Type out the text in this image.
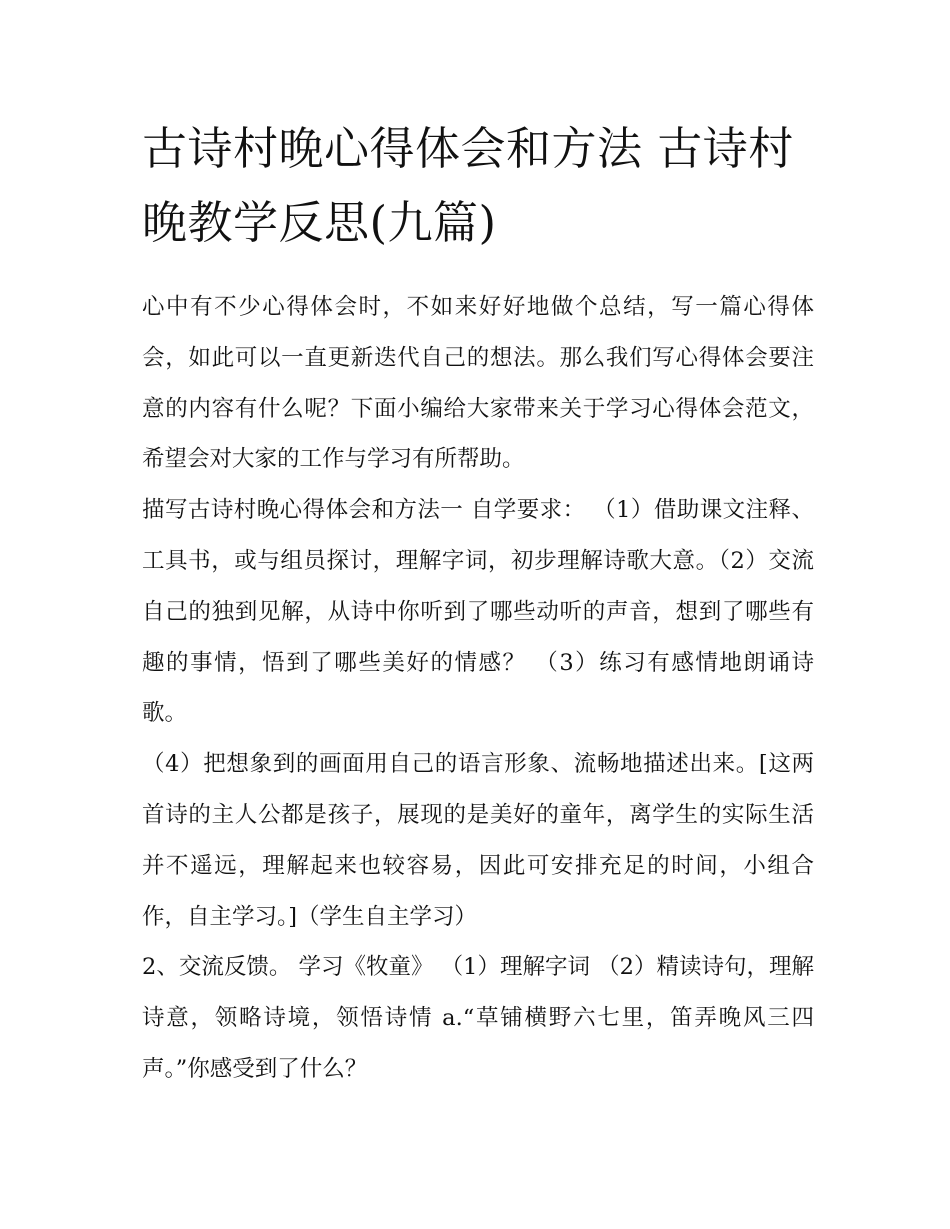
古诗村晚心得体会和方法 古诗村晚教学反思(九篇)

心中有不少心得体会时，不如来好好地做个总结，写一篇心得体会，如此可以一直更新迭代自己的想法。那么我们写心得体会要注意的内容有什么呢？下面小编给大家带来关于学习心得体会范文，希望会对大家的工作与学习有所帮助。

描写古诗村晚心得体会和方法一 自学要求： （1）借助课文注释、工具书，或与组员探讨，理解字词，初步理解诗歌大意。（2）交流自己的独到见解，从诗中你听到了哪些动听的声音，想到了哪些有趣的事情，悟到了哪些美好的情感？ （3）练习有感情地朗诵诗歌。

（4）把想象到的画面用自己的语言形象、流畅地描述出来。[这两首诗的主人公都是孩子，展现的是美好的童年，离学生的实际生活并不遥远，理解起来也较容易，因此可安排充足的时间，小组合作，自主学习。]（学生自主学习）

2、交流反馈。 学习《牧童》 （1）理解字词 （2）精读诗句，理解诗意，领略诗境，领悟诗情 a.“草铺横野六七里，笛弄晚风三四声。”你感受到了什么？
